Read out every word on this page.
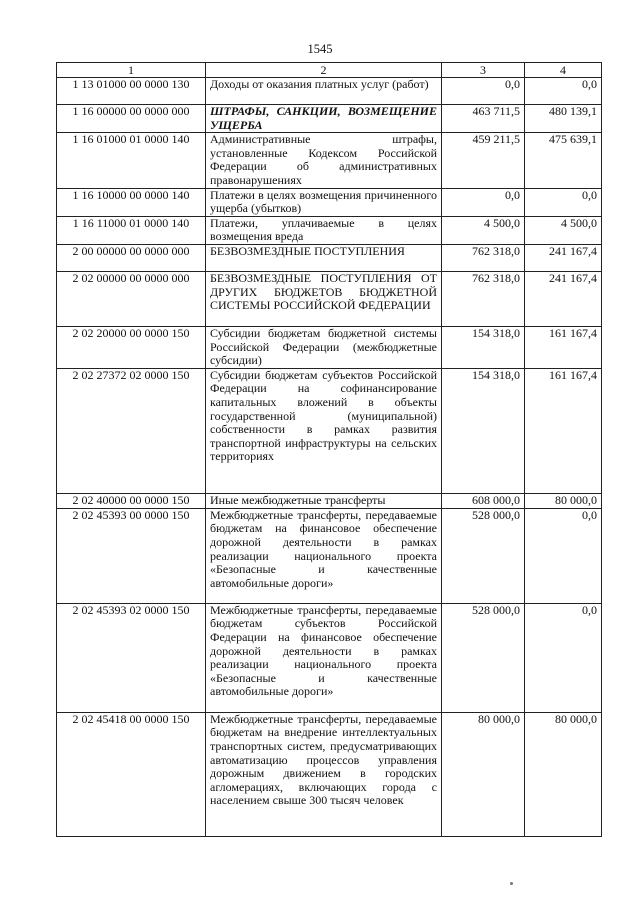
1545
1	2	3	4
1 13 01000 00 0000 130	Доходы от оказания платных услуг (работ)	0,0	0,0
1 16 00000 00 0000 000	ШТРАФЫ, САНКЦИИ, ВОЗМЕЩЕНИЕ УЩЕРБА	463 711,5	480 139,1
1 16 01000 01 0000 140	Административные штрафы, установленные Кодексом Российской Федерации об административных правонарушениях	459 211,5	475 639,1
1 16 10000 00 0000 140	Платежи в целях возмещения причиненного ущерба (убытков)	0,0	0,0
1 16 11000 01 0000 140	Платежи, уплачиваемые в целях возмещения вреда	4 500,0	4 500,0
2 00 00000 00 0000 000	БЕЗВОЗМЕЗДНЫЕ ПОСТУПЛЕНИЯ	762 318,0	241 167,4
2 02 00000 00 0000 000	БЕЗВОЗМЕЗДНЫЕ ПОСТУПЛЕНИЯ ОТ ДРУГИХ БЮДЖЕТОВ БЮДЖЕТНОЙ СИСТЕМЫ РОССИЙСКОЙ ФЕДЕРАЦИИ	762 318,0	241 167,4
2 02 20000 00 0000 150	Субсидии бюджетам бюджетной системы Российской Федерации (межбюджетные субсидии)	154 318,0	161 167,4
2 02 27372 02 0000 150	Субсидии бюджетам субъектов Российской Федерации на софинансирование капитальных вложений в объекты государственной (муниципальной) собственности в рамках развития транспортной инфраструктуры на сельских территориях	154 318,0	161 167,4
2 02 40000 00 0000 150	Иные межбюджетные трансферты	608 000,0	80 000,0
2 02 45393 00 0000 150	Межбюджетные трансферты, передаваемые бюджетам на финансовое обеспечение дорожной деятельности в рамках реализации национального проекта «Безопасные и качественные автомобильные дороги»	528 000,0	0,0
2 02 45393 02 0000 150	Межбюджетные трансферты, передаваемые бюджетам субъектов Российской Федерации на финансовое обеспечение дорожной деятельности в рамках реализации национального проекта «Безопасные и качественные автомобильные дороги»	528 000,0	0,0
2 02 45418 00 0000 150	Межбюджетные трансферты, передаваемые бюджетам на внедрение интеллектуальных транспортных систем, предусматривающих автоматизацию процессов управления дорожным движением в городских агломерациях, включающих города с населением свыше 300 тысяч человек	80 000,0	80 000,0
